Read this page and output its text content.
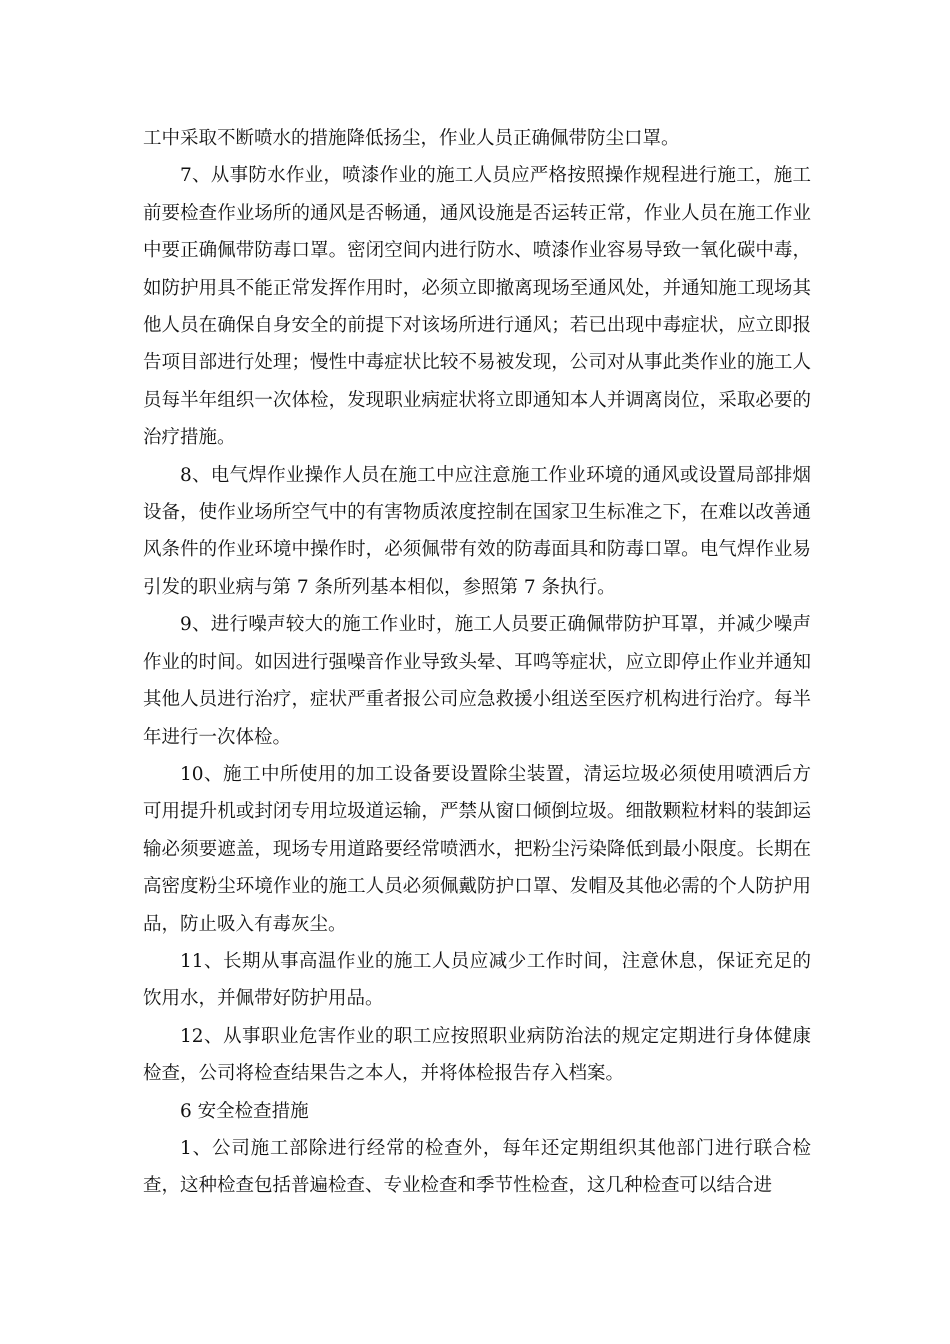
工中采取不断喷水的措施降低扬尘，作业人员正确佩带防尘口罩。

7、从事防水作业，喷漆作业的施工人员应严格按照操作规程进行施工，施工前要检查作业场所的通风是否畅通，通风设施是否运转正常，作业人员在施工作业中要正确佩带防毒口罩。密闭空间内进行防水、喷漆作业容易导致一氧化碳中毒，如防护用具不能正常发挥作用时，必须立即撤离现场至通风处，并通知施工现场其他人员在确保自身安全的前提下对该场所进行通风；若已出现中毒症状，应立即报告项目部进行处理；慢性中毒症状比较不易被发现，公司对从事此类作业的施工人员每半年组织一次体检，发现职业病症状将立即通知本人并调离岗位，采取必要的治疗措施。

8、电气焊作业操作人员在施工中应注意施工作业环境的通风或设置局部排烟设备，使作业场所空气中的有害物质浓度控制在国家卫生标准之下，在难以改善通风条件的作业环境中操作时，必须佩带有效的防毒面具和防毒口罩。电气焊作业易引发的职业病与第 7 条所列基本相似，参照第 7 条执行。

9、进行噪声较大的施工作业时，施工人员要正确佩带防护耳罩，并减少噪声作业的时间。如因进行强噪音作业导致头晕、耳鸣等症状，应立即停止作业并通知其他人员进行治疗，症状严重者报公司应急救援小组送至医疗机构进行治疗。每半年进行一次体检。

10、施工中所使用的加工设备要设置除尘装置，清运垃圾必须使用喷洒后方可用提升机或封闭专用垃圾道运输，严禁从窗口倾倒垃圾。细散颗粒材料的装卸运输必须要遮盖，现场专用道路要经常喷洒水，把粉尘污染降低到最小限度。长期在高密度粉尘环境作业的施工人员必须佩戴防护口罩、发帽及其他必需的个人防护用品，防止吸入有毒灰尘。

11、长期从事高温作业的施工人员应减少工作时间，注意休息，保证充足的饮用水，并佩带好防护用品。

12、从事职业危害作业的职工应按照职业病防治法的规定定期进行身体健康检查，公司将检查结果告之本人，并将体检报告存入档案。

6 安全检查措施

1、公司施工部除进行经常的检查外，每年还定期组织其他部门进行联合检查，这种检查包括普遍检查、专业检查和季节性检查，这几种检查可以结合进
